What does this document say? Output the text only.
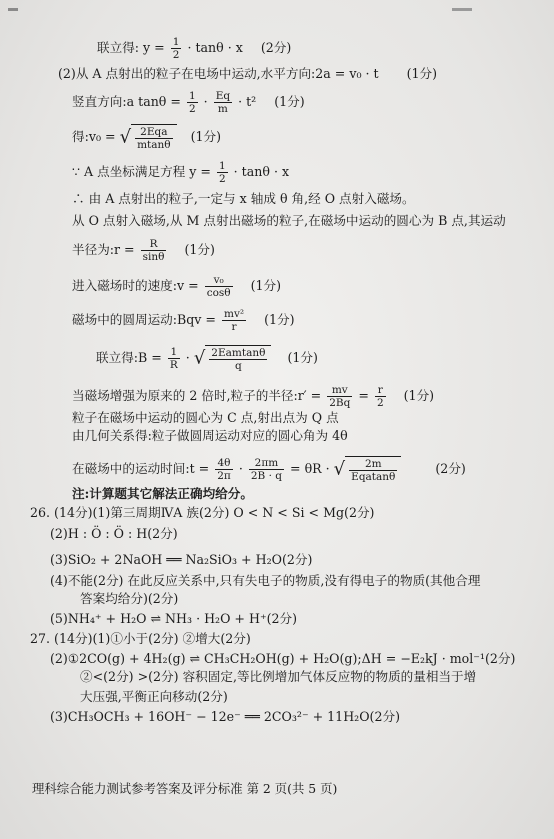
联立得: $y = \frac{1}{2} \cdot \tan\theta \cdot x$ (2分)
(2)从 A 点射出的粒子在电场中运动,水平方向:2a = v₀ · t (1分)
竖直方向:a $\tan\theta = \frac{1}{2} \cdot \frac{Eq}{m} \cdot t^2$ (1分)
得:v₀ = √ $\frac{\text{2Eqa}}{mtan\theta} (1$分)
∵ A 点坐标满足方程 $y = \frac{1}{2} \cdot \tan\theta \cdot x$
∴ 由 A 点射出的粒子,一定与 x 轴成 θ 角,经 O 点射入磁场。
从 O 点射入磁场,从 M 点射出磁场的粒子,在磁场中运动的圆心为 B 点,其运动
半径为:r = $\frac{R}{\sin\theta} (1$分)
进入磁场时的速度:v = $\frac{\text{v₀}}{\cos\theta} (1$分)
磁场中的圆周运动:Bqv = $\frac{\text{mv²}}{r} (1$分)
联立得:B = $\frac{1}{R}$ · √ $\frac{\text{2Eamtanθ}}{q} (1$分)
当磁场增强为原来的 2 倍时,粒子的半径:r′ = $\frac{mv}{2Bq} = \frac{r}{2} (1$分)
粒子在磁场中运动的圆心为 C 点,射出点为 Q 点
由几何关系得:粒子做圆周运动对应的圆心角为 4θ
在磁场中的运动时间:t = $\frac{4\theta}{2\pi} \cdot \frac{2\pi m}{2B \cdot q} = \theta R$ · √ $\frac{2m}{\text{Eqatanθ}}$	(2分)
注:计算题其它解法正确均给分。
26. (14分)(1)第三周期ⅣA 族(2分) O < N < Si < Mg(2分)
(2)H : Ö : Ö : H(2分)
(3)SiO₂ + 2NaOH ══ Na₂SiO₃ + H₂O(2分)
(4)不能(2分) 在此反应关系中,只有失电子的物质,没有得电子的物质(其他合理
答案均给分)(2分)
(5)NH₄⁺ + H₂O ⇌ NH₃ · H₂O + H⁺(2分)
27. (14分)(1)①小于(2分) ②增大(2分)
(2)①2CO(g) + 4H₂(g) ⇌ CH₃CH₂OH(g) + H₂O(g);ΔH = −E₂kJ · mol⁻¹(2分)
②<(2分) >(2分) 容积固定,等比例增加气体反应物的物质的量相当于增
大压强,平衡正向移动(2分)
(3)CH₃OCH₃ + 16OH⁻ − 12e⁻ ══ 2CO₃²⁻ + 11H₂O(2分)
理科综合能力测试参考答案及评分标准 第 2 页(共 5 页)
